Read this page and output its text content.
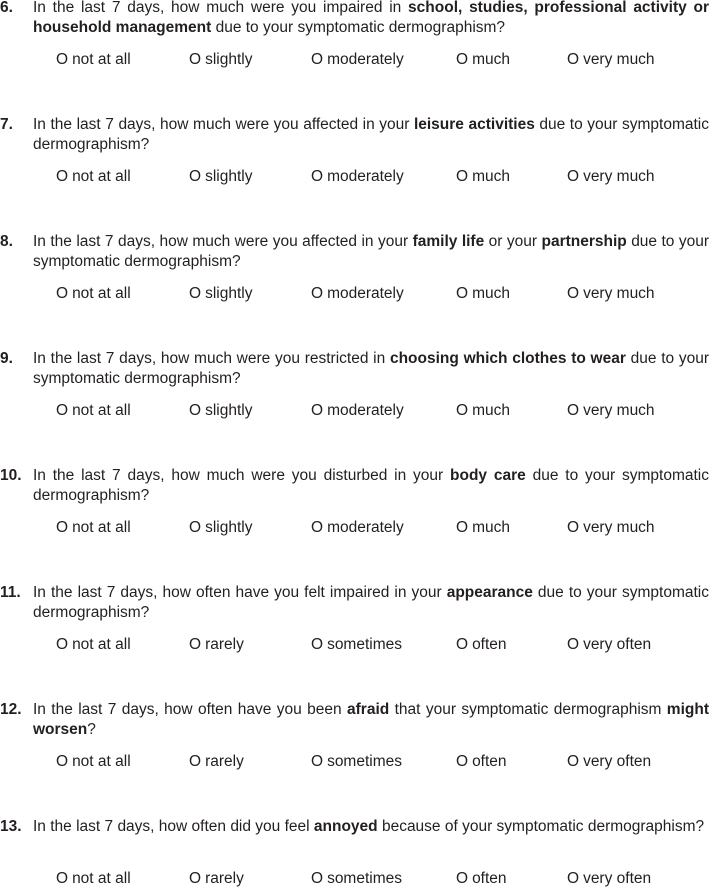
6. In the last 7 days, how much were you impaired in school, studies, professional activity or household management due to your symptomatic dermographism?
O not at all	O slightly	O moderately	O much	O very much
7. In the last 7 days, how much were you affected in your leisure activities due to your symptomatic dermographism?
O not at all	O slightly	O moderately	O much	O very much
8. In the last 7 days, how much were you affected in your family life or your partnership due to your symptomatic dermographism?
O not at all	O slightly	O moderately	O much	O very much
9. In the last 7 days, how much were you restricted in choosing which clothes to wear due to your symptomatic dermographism?
O not at all	O slightly	O moderately	O much	O very much
10. In the last 7 days, how much were you disturbed in your body care due to your symptomatic dermographism?
O not at all	O slightly	O moderately	O much	O very much
11. In the last 7 days, how often have you felt impaired in your appearance due to your symptomatic dermographism?
O not at all	O rarely	O sometimes	O often	O very often
12. In the last 7 days, how often have you been afraid that your symptomatic dermographism might worsen?
O not at all	O rarely	O sometimes	O often	O very often
13. In the last 7 days, how often did you feel annoyed because of your symptomatic dermographism?
O not at all	O rarely	O sometimes	O often	O very often
